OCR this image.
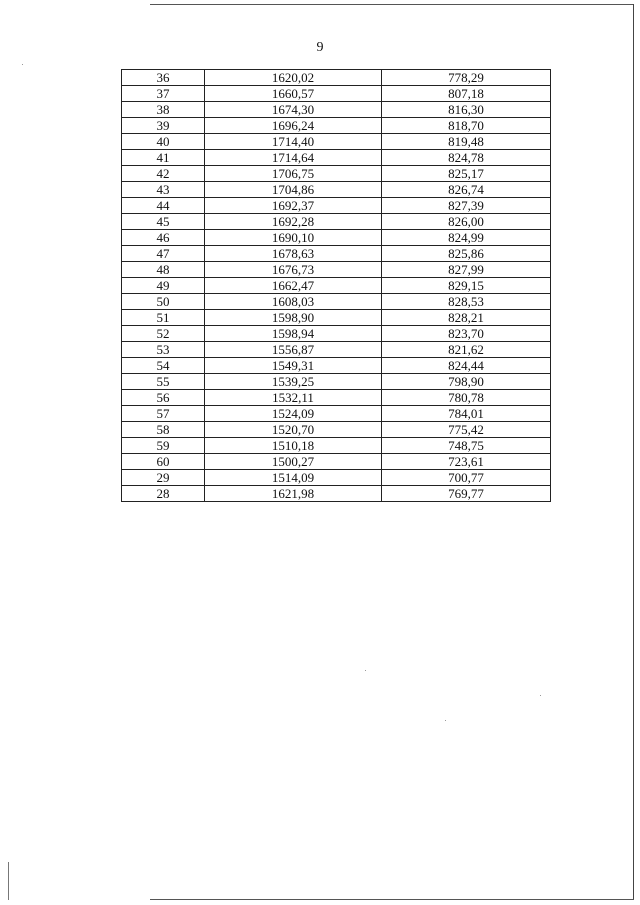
9
36	1620,02	778,29
37	1660,57	807,18
38	1674,30	816,30
39	1696,24	818,70
40	1714,40	819,48
41	1714,64	824,78
42	1706,75	825,17
43	1704,86	826,74
44	1692,37	827,39
45	1692,28	826,00
46	1690,10	824,99
47	1678,63	825,86
48	1676,73	827,99
49	1662,47	829,15
50	1608,03	828,53
51	1598,90	828,21
52	1598,94	823,70
53	1556,87	821,62
54	1549,31	824,44
55	1539,25	798,90
56	1532,11	780,78
57	1524,09	784,01
58	1520,70	775,42
59	1510,18	748,75
60	1500,27	723,61
29	1514,09	700,77
28	1621,98	769,77
